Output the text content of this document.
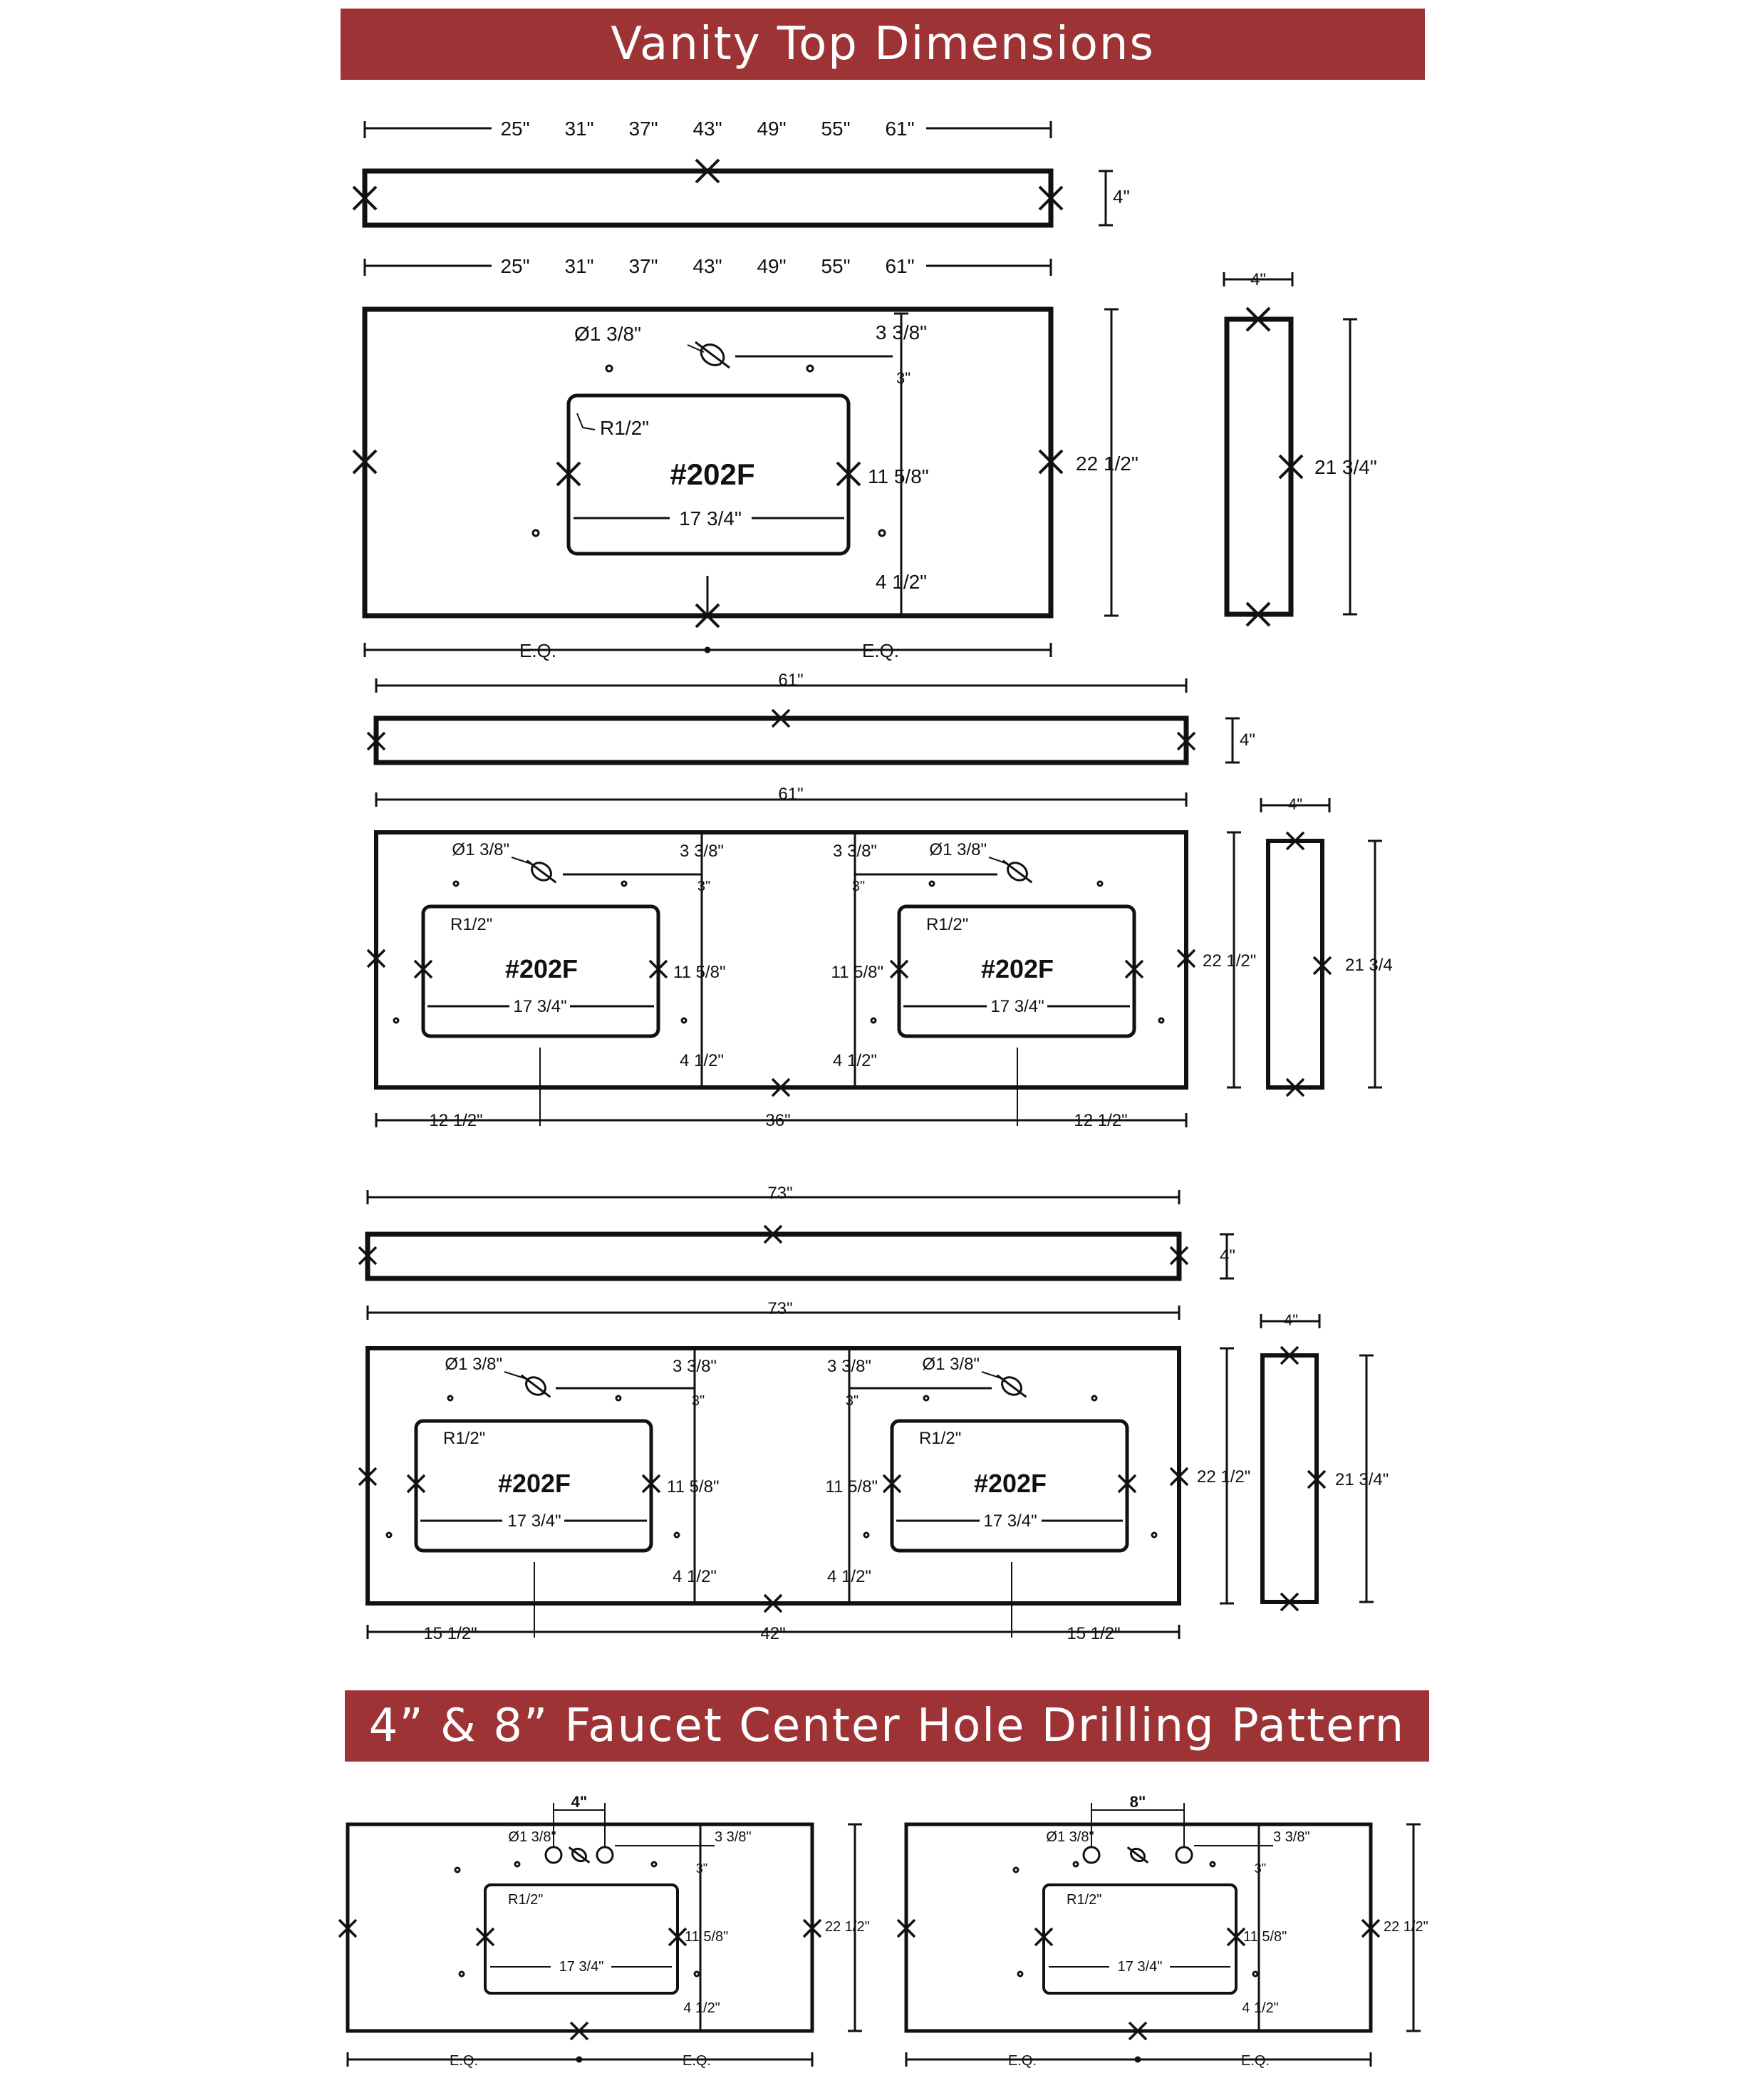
Vanity Top Dimensions
4” & 8” Faucet Center Hole Drilling Pattern
25" 31" 37" 43" 49" 55" 61"
4"
25" 31" 37" 43" 49" 55" 61"
#202F
17 3/4"
Ø1 3/8"	3 3/8"
3"
11 5/8"
4 1/2"
R1/2"
22 1/2"
E.Q.	E.Q.
4"
21 3/4"
61"
4"
61"
#202F
17 3/4"
Ø1 3/8"	3 3/8"
3"
11 5/8"
4 1/2"
R1/2"
#202F
17 3/4"
Ø1 3/8"
3 3/8"
3"
11 5/8"
4 1/2"
R1/2"
12 1/2"	36"	12 1/2"
22 1/2"
4"
21 3/4
73"
4"
73"
#202F
17 3/4"
Ø1 3/8"	3 3/8"
3"
11 5/8"
4 1/2"
R1/2"
#202F
17 3/4"
Ø1 3/8"
3 3/8"
3"
11 5/8"
4 1/2"
R1/2"
15 1/2"	42"	15 1/2"
22 1/2"
4"
21 3/4"
17 3/4"
R1/2"
4"
Ø1 3/8"	3 3/8"
3"
11 5/8"
4 1/2"
22 1/2"
E.Q.	E.Q.
17 3/4"
R1/2"
8"
Ø1 3/8"	3 3/8"
3"
11 5/8"
4 1/2"
22 1/2"
E.Q.	E.Q.
